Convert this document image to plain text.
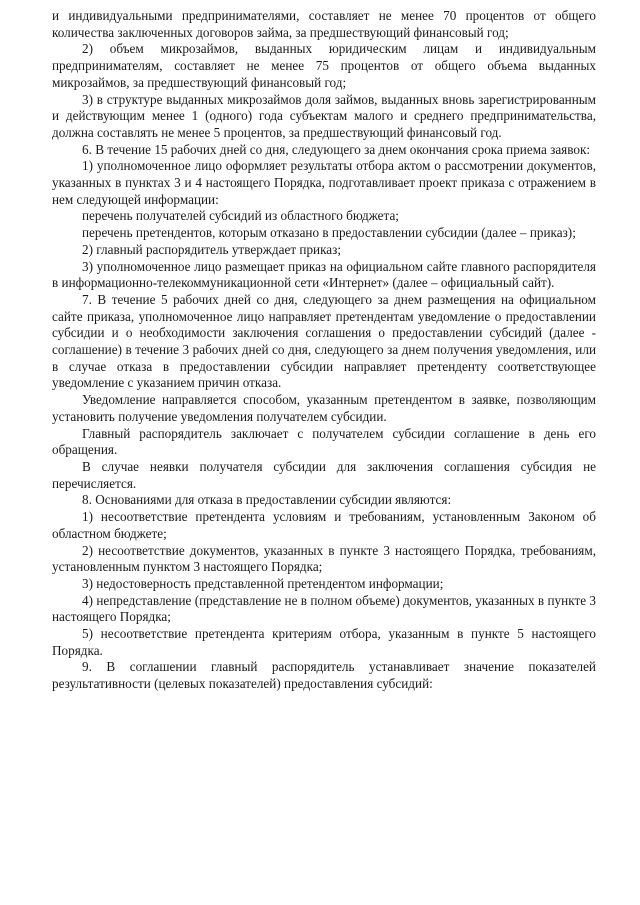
и индивидуальными предпринимателями, составляет не менее 70 процентов от общего количества заключенных договоров займа, за предшествующий финансовый год;

2) объем микрозаймов, выданных юридическим лицам и индивидуальным предпринимателям, составляет не менее 75 процентов от общего объема выданных микрозаймов, за предшествующий финансовый год;

3) в структуре выданных микрозаймов доля займов, выданных вновь зарегистрированным и действующим менее 1 (одного) года субъектам малого и среднего предпринимательства, должна составлять не менее 5 процентов, за предшествующий финансовый год.

6. В течение 15 рабочих дней со дня, следующего за днем окончания срока приема заявок:

1) уполномоченное лицо оформляет результаты отбора актом о рассмотрении документов, указанных в пунктах 3 и 4 настоящего Порядка, подготавливает проект приказа с отражением в нем следующей информации:

перечень получателей субсидий из областного бюджета;

перечень претендентов, которым отказано в предоставлении субсидии (далее – приказ);

2) главный распорядитель утверждает приказ;

3) уполномоченное лицо размещает приказ на официальном сайте главного распорядителя в информационно-телекоммуникационной сети «Интернет» (далее – официальный сайт).

7. В течение 5 рабочих дней со дня, следующего за днем размещения на официальном сайте приказа, уполномоченное лицо направляет претендентам уведомление о предоставлении субсидии и о необходимости заключения соглашения о предоставлении субсидий (далее - соглашение) в течение 3 рабочих дней со дня, следующего за днем получения уведомления, или в случае отказа в предоставлении субсидии направляет претенденту соответствующее уведомление с указанием причин отказа.

Уведомление направляется способом, указанным претендентом в заявке, позволяющим установить получение уведомления получателем субсидии.

Главный распорядитель заключает с получателем субсидии соглашение в день его обращения.

В случае неявки получателя субсидии для заключения соглашения субсидия не перечисляется.

8. Основаниями для отказа в предоставлении субсидии являются:

1) несоответствие претендента условиям и требованиям, установленным Законом об областном бюджете;

2) несоответствие документов, указанных в пункте 3 настоящего Порядка, требованиям, установленным пунктом 3 настоящего Порядка;

3) недостоверность представленной претендентом информации;

4) непредставление (представление не в полном объеме) документов, указанных в пункте 3 настоящего Порядка;

5) несоответствие претендента критериям отбора, указанным в пункте 5 настоящего Порядка.

9. В соглашении главный распорядитель устанавливает значение показателей результативности (целевых показателей) предоставления субсидий:
